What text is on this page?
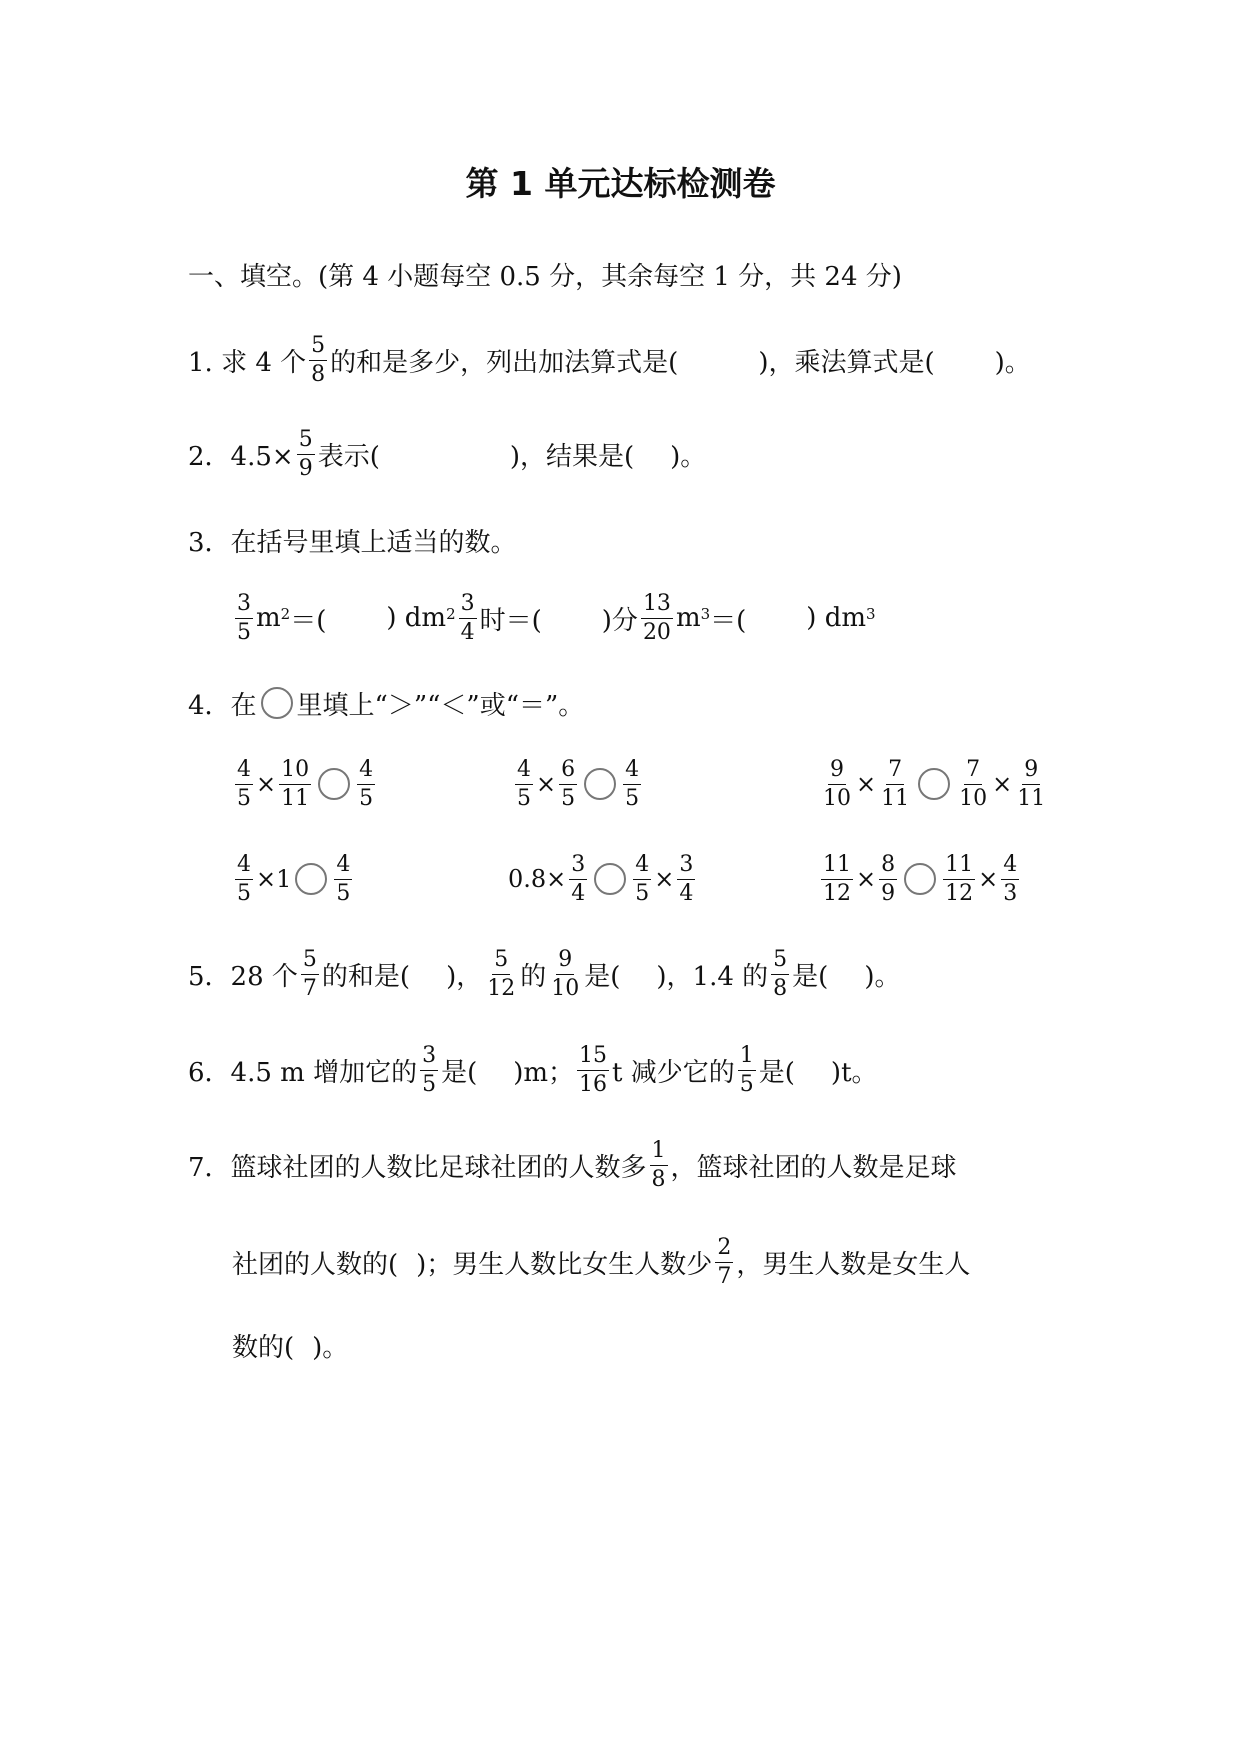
第 1 单元达标检测卷
一、填空。(第 4 小题每空 0.5 分，其余每空 1 分，共 24 分)
1. 求 4 个 $\frac{5}{8}$ 的和是多少，列出加法算式是(	)，乘法算式是( )。
2．$4.5\times \frac{5}{9}$ 表示(	)，结果是( )。
3．在括号里填上适当的数。
$\frac{3}{5} m^2$ ＝( ) $dm^2 \frac{3}{4}$ 时＝( )分 $\frac{13}{20} m^3$ ＝( ) $dm^3$
4．在 里填上“＞”“＜”或“＝”。
$\frac{4}{5} \times \frac{10}{11} \frac{4}{5}$	$\frac{4}{5} \times \frac{6}{5} \frac{4}{5}$	$\frac{9}{10} \times \frac{7}{11} \frac{7}{10} \times \frac{9}{11}$
$\frac{4}{5} \times 1 \frac{4}{5}$	$0.8\times \frac{3}{4} \frac{4}{5} \times \frac{3}{4}$	$\frac{11}{12} \times \frac{8}{9} \frac{11}{12} \times \frac{4}{3}$
5．28 个 $\frac{5}{7}$ 的和是( )， $\frac{5}{12}$ 的 $\frac{9}{10}$ 是( )，1.4 的 $\frac{5}{8}$ 是( )。
6．4.5 m 增加它的 $\frac{3}{5}$ 是( )m； $\frac{15}{16}$ t 减少它的 $\frac{1}{5}$ 是( )t。
7．篮球社团的人数比足球社团的人数多 $\frac{1}{8}$ ，篮球社团的人数是足球
社团的人数的( )；男生人数比女生人数少 $\frac{2}{7}$ ，男生人数是女生人
数的( )。
